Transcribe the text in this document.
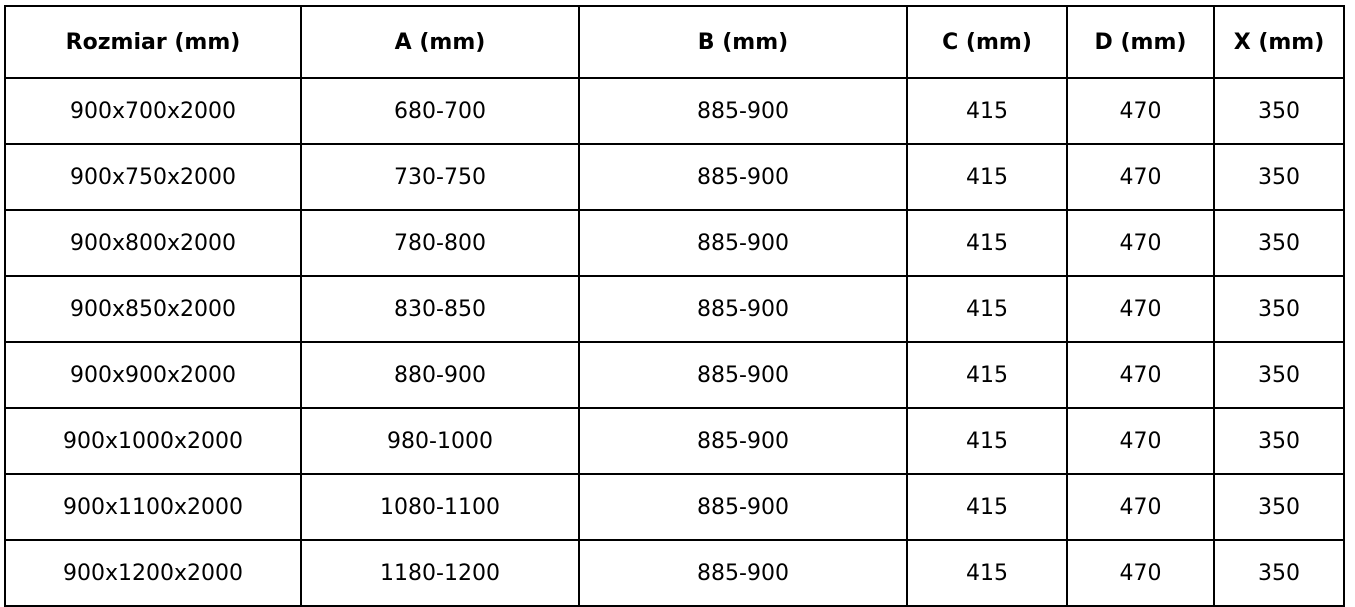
Rozmiar (mm)	A (mm)	B (mm)	C (mm)	D (mm)	X (mm)
900x700x2000	680-700	885-900	415	470	350
900x750x2000	730-750	885-900	415	470	350
900x800x2000	780-800	885-900	415	470	350
900x850x2000	830-850	885-900	415	470	350
900x900x2000	880-900	885-900	415	470	350
900x1000x2000	980-1000	885-900	415	470	350
900x1100x2000	1080-1100	885-900	415	470	350
900x1200x2000	1180-1200	885-900	415	470	350
